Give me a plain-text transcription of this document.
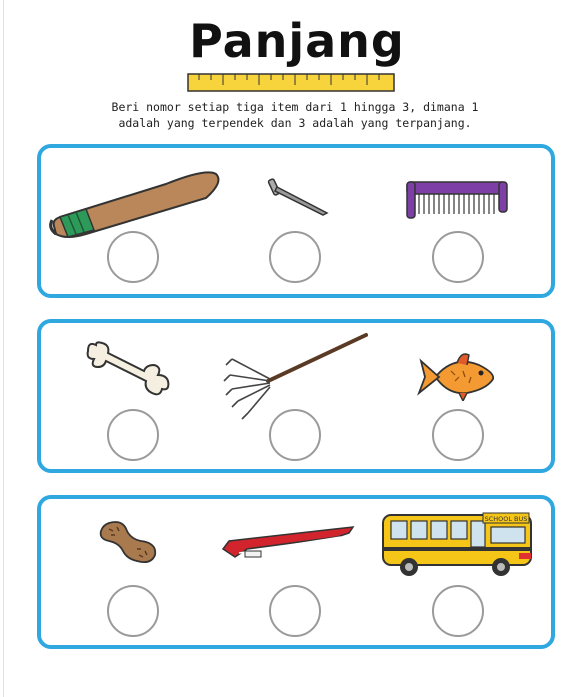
Panjang
Beri nomor setiap tiga item dari 1 hingga 3, dimana 1 adalah yang terpendek dan 3 adalah yang terpanjang.
SCHOOL BUS
